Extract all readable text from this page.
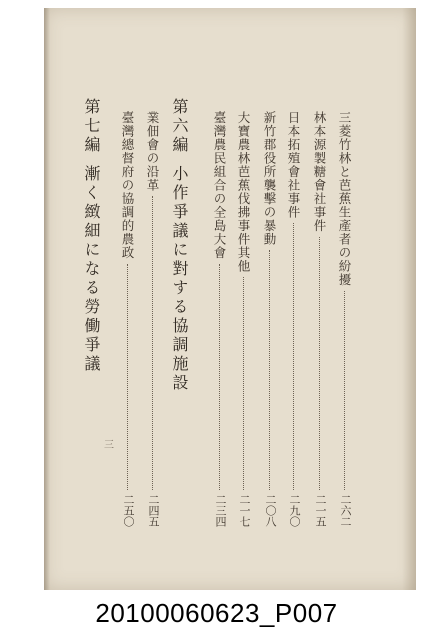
三菱竹林と芭蕉生產者の紛擾
二六二
林本源製糖會社事件
二一五
日本拓殖會社事件
二九〇
新竹郡役所襲擊の暴動
二〇八
大寶農林芭蕉伐拂事件其他
二一七
臺灣農民組合の全島大會
二三四
第六編小作爭議に對する協調施設
業佃會の沿革
二四五
臺灣總督府の協調的農政
二五〇
第七編漸く緻細になる勞働爭議
三
20100060623_P007
